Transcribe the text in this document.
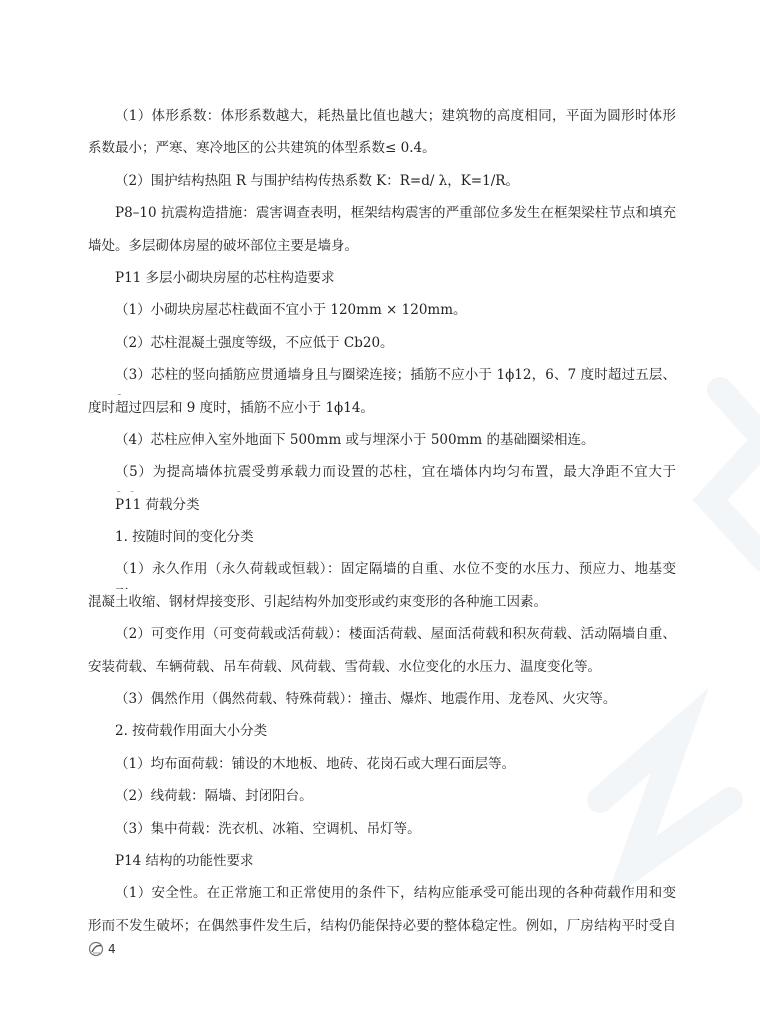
（1）体形系数：体形系数越大，耗热量比值也越大；建筑物的高度相同，平面为圆形时体形
系数最小；严寒、寒冷地区的公共建筑的体型系数≤ 0.4。
（2）围护结构热阻 R 与围护结构传热系数 K：R=d/ λ，K=1/R。
P8–10 抗震构造措施：震害调查表明，框架结构震害的严重部位多发生在框架梁柱节点和填充
墙处。多层砌体房屋的破坏部位主要是墙身。
P11 多层小砌块房屋的芯柱构造要求
（1）小砌块房屋芯柱截面不宜小于 120mm × 120mm。
（2）芯柱混凝土强度等级，不应低于 Cb20。
（3）芯柱的竖向插筋应贯通墙身且与圈梁连接；插筋不应小于 1ϕ12，6、7 度时超过五层、
度时超过四层和 9 度时，插筋不应小于 1ϕ14。
（4）芯柱应伸入室外地面下 500mm 或与埋深小于 500mm 的基础圈梁相连。
（5）为提高墙体抗震受剪承载力而设置的芯柱，宜在墙体内均匀布置，最大净距不宜大于
P11 荷载分类
1. 按随时间的变化分类
（1）永久作用（永久荷载或恒载）：固定隔墙的自重、水位不变的水压力、预应力、地基变
混凝土收缩、钢材焊接变形、引起结构外加变形或约束变形的各种施工因素。
（2）可变作用（可变荷载或活荷载）：楼面活荷载、屋面活荷载和积灰荷载、活动隔墙自重、
安装荷载、车辆荷载、吊车荷载、风荷载、雪荷载、水位变化的水压力、温度变化等。
（3）偶然作用（偶然荷载、特殊荷载）：撞击、爆炸、地震作用、龙卷风、火灾等。
2. 按荷载作用面大小分类
（1）均布面荷载：铺设的木地板、地砖、花岗石或大理石面层等。
（2）线荷载：隔墙、封闭阳台。
（3）集中荷载：洗衣机、冰箱、空调机、吊灯等。
P14 结构的功能性要求
（1）安全性。在正常施工和正常使用的条件下，结构应能承受可能出现的各种荷载作用和变
形而不发生破坏；在偶然事件发生后，结构仍能保持必要的整体稳定性。例如，厂房结构平时受自
4
